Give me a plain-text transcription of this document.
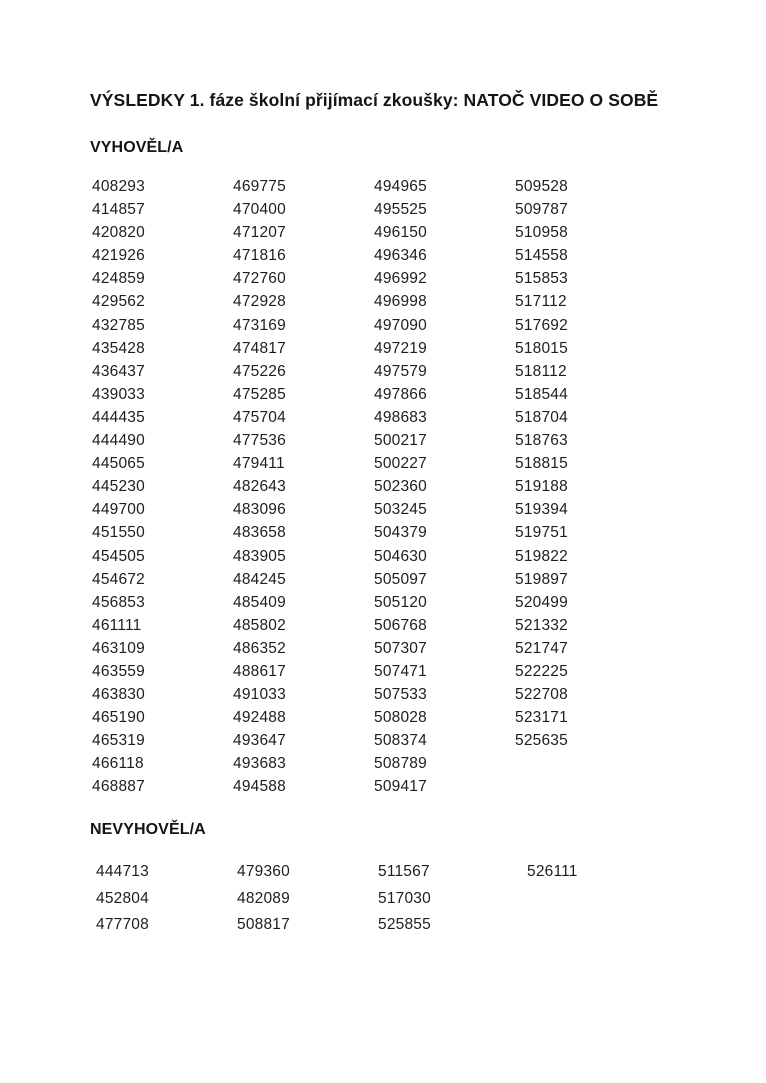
VÝSLEDKY 1. fáze školní přijímací zkoušky: NATOČ VIDEO O SOBĚ
VYHOVĚL/A
408293
414857
420820
421926
424859
429562
432785
435428
436437
439033
444435
444490
445065
445230
449700
451550
454505
454672
456853
461111
463109
463559
463830
465190
465319
466118
468887
469775
470400
471207
471816
472760
472928
473169
474817
475226
475285
475704
477536
479411
482643
483096
483658
483905
484245
485409
485802
486352
488617
491033
492488
493647
493683
494588
494965
495525
496150
496346
496992
496998
497090
497219
497579
497866
498683
500217
500227
502360
503245
504379
504630
505097
505120
506768
507307
507471
507533
508028
508374
508789
509417
509528
509787
510958
514558
515853
517112
517692
518015
518112
518544
518704
518763
518815
519188
519394
519751
519822
519897
520499
521332
521747
522225
522708
523171
525635
NEVYHOVĚL/A
444713
452804
477708
479360
482089
508817
511567
517030
525855
526111
